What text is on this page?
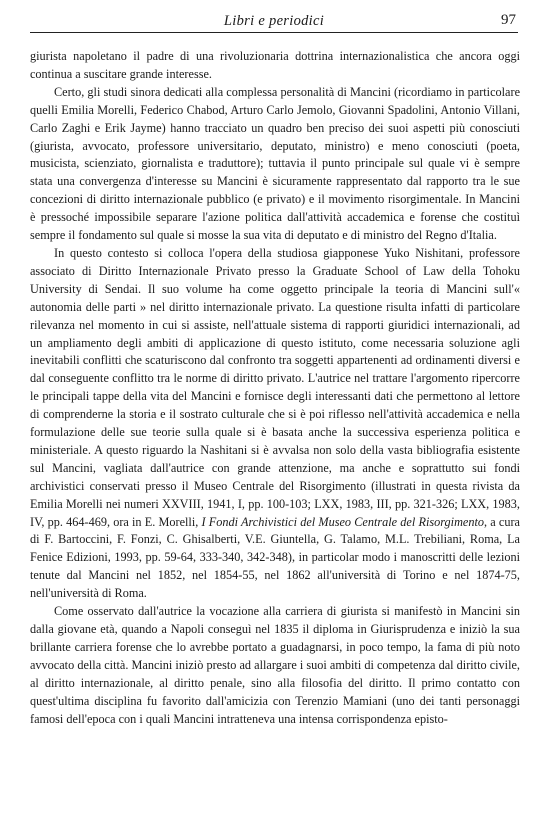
Libri e periodici	97

giurista napoletano il padre di una rivoluzionaria dottrina internazionalistica che ancora oggi continua a suscitare grande interesse.

Certo, gli studi sinora dedicati alla complessa personalità di Mancini (ricordiamo in particolare quelli Emilia Morelli, Federico Chabod, Arturo Carlo Jemolo, Giovanni Spadolini, Antonio Villani, Carlo Zaghi e Erik Jayme) hanno tracciato un quadro ben preciso dei suoi aspetti più conosciuti (giurista, avvocato, professore universitario, deputato, ministro) e meno conosciuti (poeta, musicista, scienziato, giornalista e traduttore); tuttavia il punto principale sul quale vi è sempre stata una convergenza d'interesse su Mancini è sicuramente rappresentato dal rapporto tra le sue concezioni di diritto internazionale pubblico (e privato) e il movimento risorgimentale. In Mancini è pressoché impossibile separare l'azione politica dall'attività accademica e forense che costituì sempre il fondamento sul quale si mosse la sua vita di deputato e di ministro del Regno d'Italia.

In questo contesto si colloca l'opera della studiosa giapponese Yuko Nishitani, professore associato di Diritto Internazionale Privato presso la Graduate School of Law della Tohoku University di Sendai. Il suo volume ha come oggetto principale la teoria di Mancini sull'« autonomia delle parti » nel diritto internazionale privato. La questione risulta infatti di particolare rilevanza nel momento in cui si assiste, nell'attuale sistema di rapporti giuridici internazionali, ad un ampliamento degli ambiti di applicazione di questo istituto, come necessaria soluzione agli inevitabili conflitti che scaturiscono dal confronto tra soggetti appartenenti ad ordinamenti diversi e dal conseguente conflitto tra le norme di diritto privato. L'autrice nel trattare l'argomento ripercorre le principali tappe della vita del Mancini e fornisce degli interessanti dati che permettono al lettore di comprenderne la storia e il sostrato culturale che si è poi riflesso nell'attività accademica e nella formulazione delle sue teorie sulla quale si è basata anche la successiva esperienza politica e ministeriale. A questo riguardo la Nashitani si è avvalsa non solo della vasta bibliografia esistente sul Mancini, vagliata dall'autrice con grande attenzione, ma anche e soprattutto sui fondi archivistici conservati presso il Museo Centrale del Risorgimento (illustrati in questa rivista da Emilia Morelli nei numeri XXVIII, 1941, I, pp. 100-103; LXX, 1983, III, pp. 321-326; LXX, 1983, IV, pp. 464-469, ora in E. Morelli, I Fondi Archivistici del Museo Centrale del Risorgimento, a cura di F. Bartoccini, F. Fonzi, C. Ghisalberti, V.E. Giuntella, G. Talamo, M.L. Trebiliani, Roma, La Fenice Edizioni, 1993, pp. 59-64, 333-340, 342-348), in particolar modo i manoscritti delle lezioni tenute dal Mancini nel 1852, nel 1854-55, nel 1862 all'università di Torino e nel 1874-75, nell'università di Roma.

Come osservato dall'autrice la vocazione alla carriera di giurista si manifestò in Mancini sin dalla giovane età, quando a Napoli conseguì nel 1835 il diploma in Giurisprudenza e iniziò la sua brillante carriera forense che lo avrebbe portato a guadagnarsi, in poco tempo, la fama di più noto avvocato della città. Mancini iniziò presto ad allargare i suoi ambiti di competenza dal diritto civile, al diritto internazionale, al diritto penale, sino alla filosofia del diritto. Il primo contatto con quest'ultima disciplina fu favorito dall'amicizia con Terenzio Mamiani (uno dei tanti personaggi famosi dell'epoca con i quali Mancini intratteneva una intensa corrispondenza episto-
